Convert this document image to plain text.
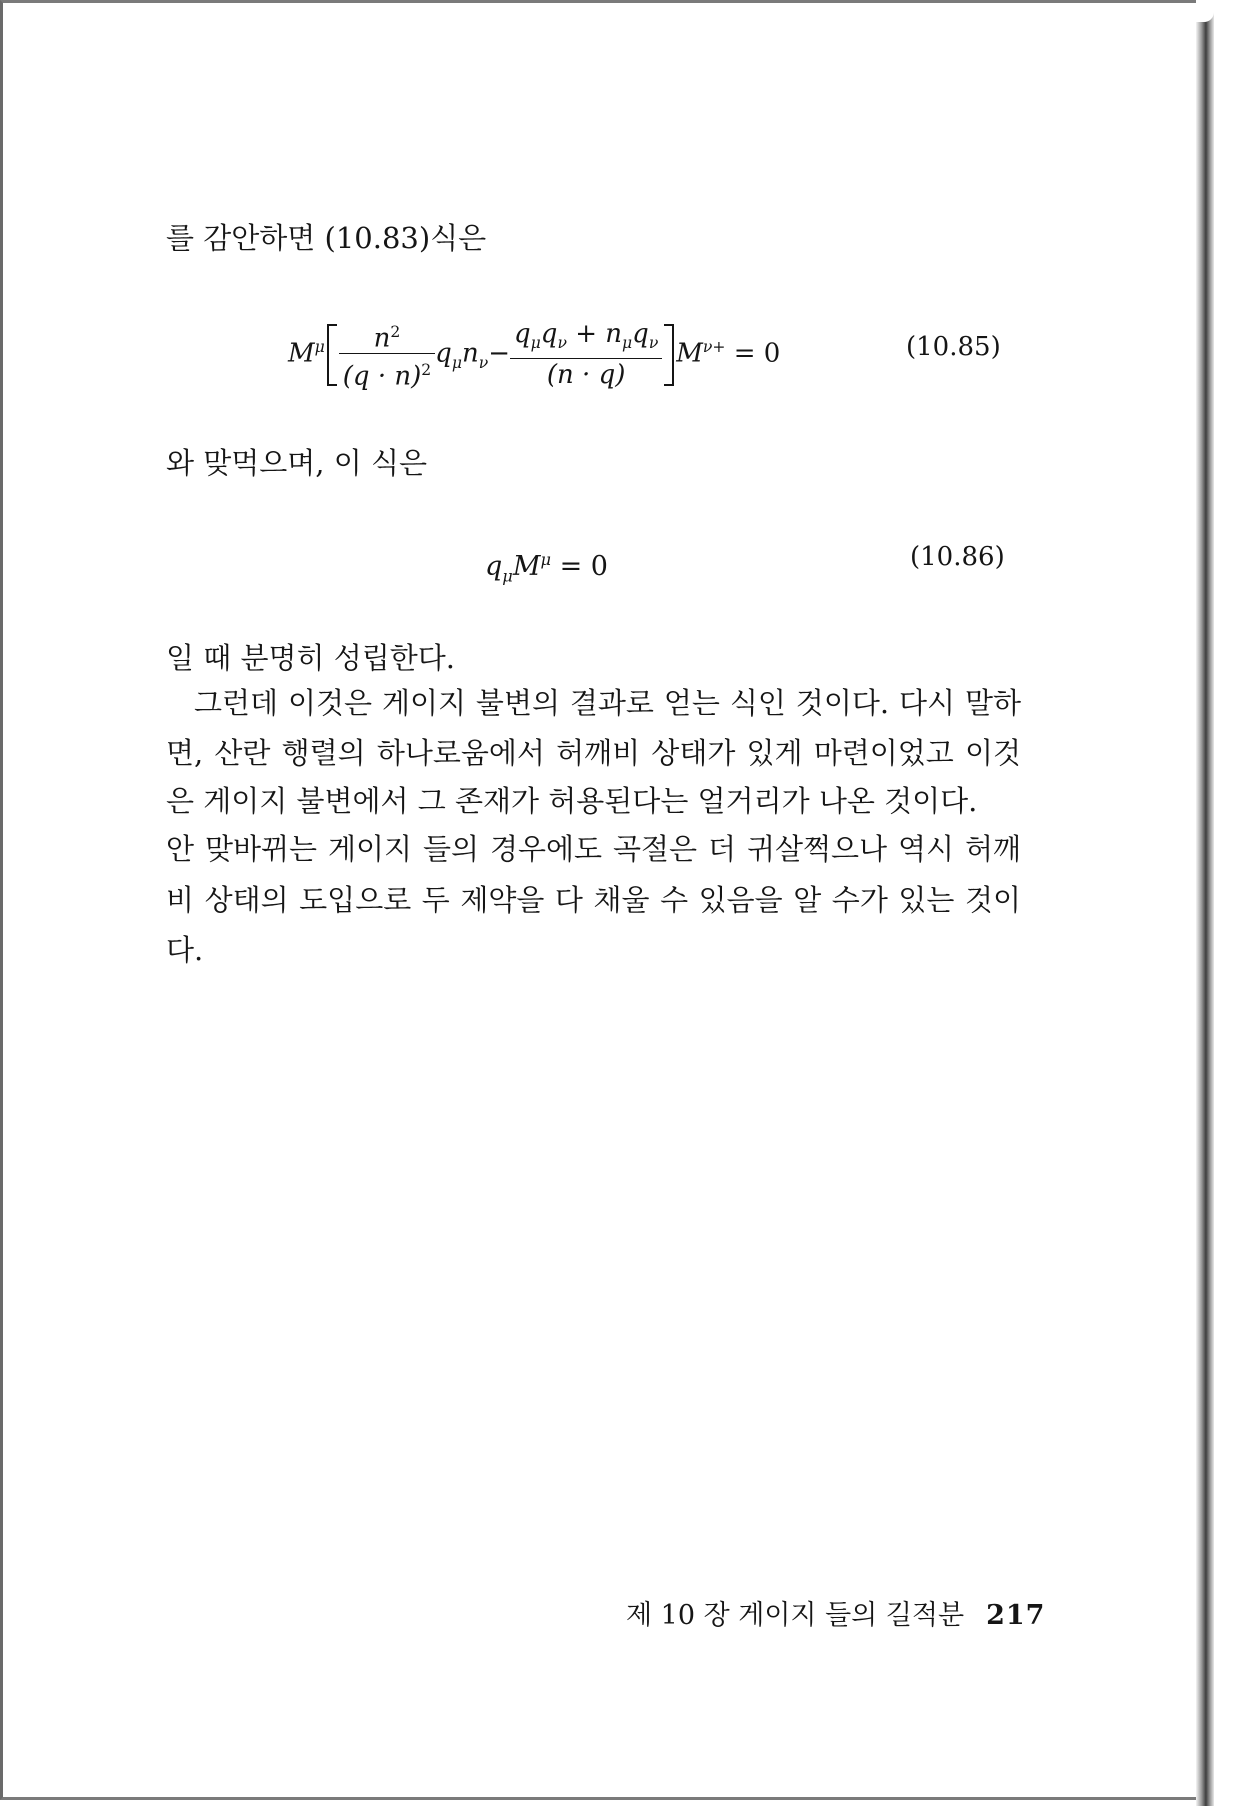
를 감안하면 (10.83)식은
$M^\mu \frac{n^2}{(q \cdot n)^2} q_\mu n_\nu- \frac{q_\mu q_\nu + n_\mu q_\nu}{(n \cdot q)} M^{\nu+} = 0$	(10.85)
와 맞먹으며, 이 식은
$q_\mu M^\mu = 0$	(10.86)
일 때 분명히 성립한다.
그런데 이것은 게이지 불변의 결과로 얻는 식인 것이다. 다시 말하
면, 산란 행렬의 하나로움에서 허깨비 상태가 있게 마련이었고 이것
은 게이지 불변에서 그 존재가 허용된다는 얼거리가 나온 것이다.
안 맞바뀌는 게이지 들의 경우에도 곡절은 더 귀살쩍으나 역시 허깨
비 상태의 도입으로 두 제약을 다 채울 수 있음을 알 수가 있는 것이
다.
제 10 장 게이지 들의 길적분 217
